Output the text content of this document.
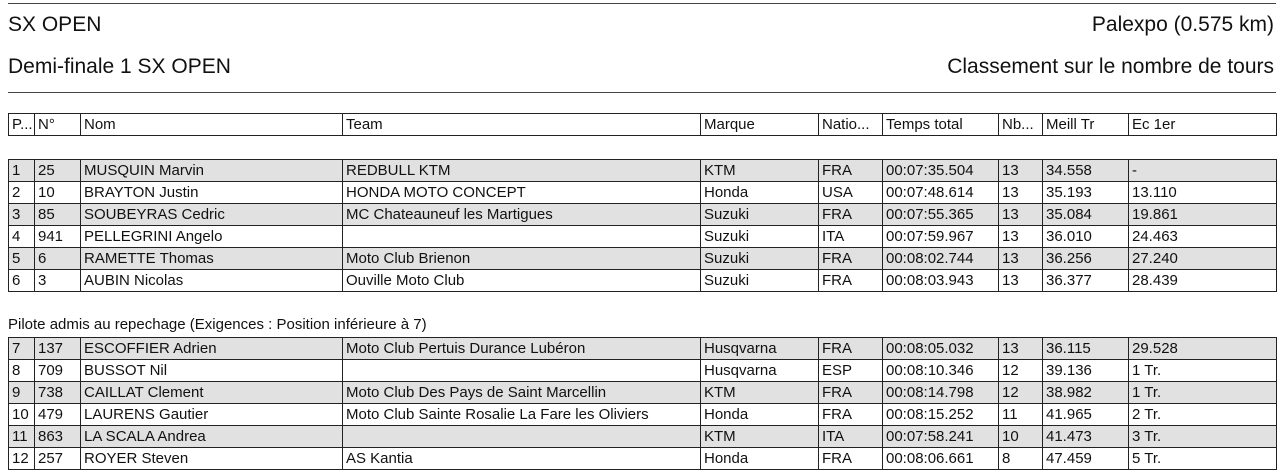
SX OPEN	Palexpo (0.575 km)
Demi-finale 1 SX OPEN	Classement sur le nombre de tours
P...	N°	Nom	Team	Marque	Natio...	Temps total	Nb...	Meill Tr	Ec 1er
1	25	MUSQUIN Marvin	REDBULL KTM	KTM	FRA	00:07:35.504	13	34.558	-
2	10	BRAYTON Justin	HONDA MOTO CONCEPT	Honda	USA	00:07:48.614	13	35.193	13.110
3	85	SOUBEYRAS Cedric	MC Chateauneuf les Martigues	Suzuki	FRA	00:07:55.365	13	35.084	19.861
4	941	PELLEGRINI Angelo		Suzuki	ITA	00:07:59.967	13	36.010	24.463
5	6	RAMETTE Thomas	Moto Club Brienon	Suzuki	FRA	00:08:02.744	13	36.256	27.240
6	3	AUBIN Nicolas	Ouville Moto Club	Suzuki	FRA	00:08:03.943	13	36.377	28.439
Pilote admis au repechage (Exigences : Position inférieure à 7)
7	137	ESCOFFIER Adrien	Moto Club Pertuis Durance Lubéron	Husqvarna	FRA	00:08:05.032	13	36.115	29.528
8	709	BUSSOT Nil		Husqvarna	ESP	00:08:10.346	12	39.136	1 Tr.
9	738	CAILLAT Clement	Moto Club Des Pays de Saint Marcellin	KTM	FRA	00:08:14.798	12	38.982	1 Tr.
10	479	LAURENS Gautier	Moto Club Sainte Rosalie La Fare les Oliviers	Honda	FRA	00:08:15.252	11	41.965	2 Tr.
11	863	LA SCALA Andrea		KTM	ITA	00:07:58.241	10	41.473	3 Tr.
12	257	ROYER Steven	AS Kantia	Honda	FRA	00:08:06.661	8	47.459	5 Tr.
